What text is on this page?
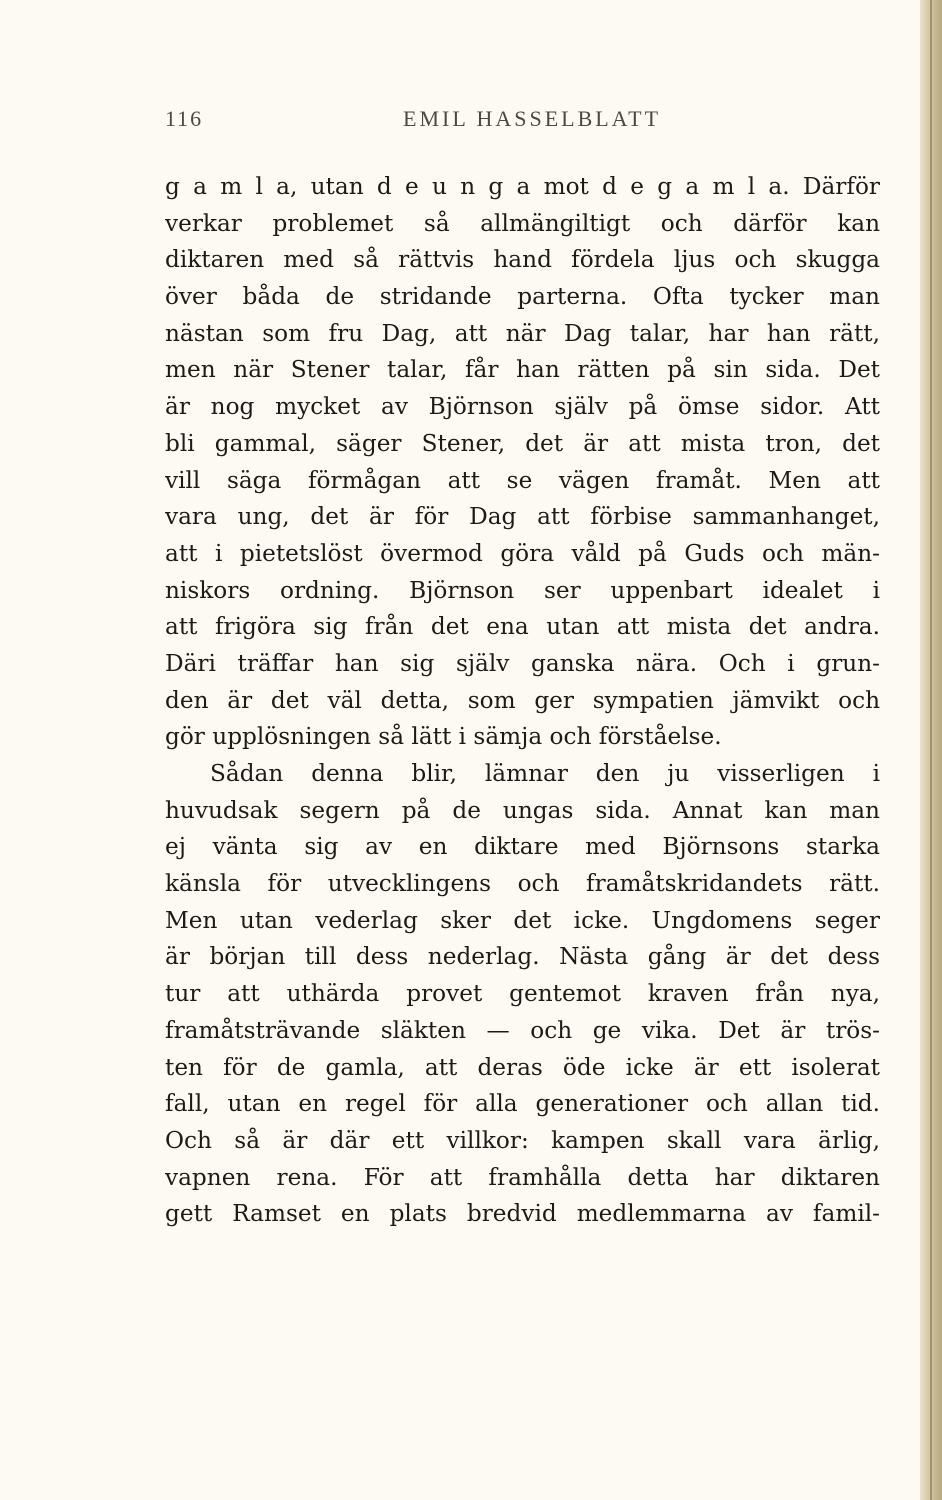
116	EMIL HASSELBLATT
g a m l a, utan d e u n g a mot d e g a m l a. Därför
verkar problemet så allmängiltigt och därför kan
diktaren med så rättvis hand fördela ljus och skugga
över båda de stridande parterna. Ofta tycker man
nästan som fru Dag, att när Dag talar, har han rätt,
men när Stener talar, får han rätten på sin sida. Det
är nog mycket av Björnson själv på ömse sidor. Att
bli gammal, säger Stener, det är att mista tron, det
vill säga förmågan att se vägen framåt. Men att
vara ung, det är för Dag att förbise sammanhanget,
att i pietetslöst övermod göra våld på Guds och män-
niskors ordning. Björnson ser uppenbart idealet i
att frigöra sig från det ena utan att mista det andra.
Däri träffar han sig själv ganska nära. Och i grun-
den är det väl detta, som ger sympatien jämvikt och
gör upplösningen så lätt i sämja och förståelse.
Sådan denna blir, lämnar den ju visserligen i
huvudsak segern på de ungas sida. Annat kan man
ej vänta sig av en diktare med Björnsons starka
känsla för utvecklingens och framåtskridandets rätt.
Men utan vederlag sker det icke. Ungdomens seger
är början till dess nederlag. Nästa gång är det dess
tur att uthärda provet gentemot kraven från nya,
framåtsträvande släkten — och ge vika. Det är trös-
ten för de gamla, att deras öde icke är ett isolerat
fall, utan en regel för alla generationer och allan tid.
Och så är där ett villkor: kampen skall vara ärlig,
vapnen rena. För att framhålla detta har diktaren
gett Ramset en plats bredvid medlemmarna av famil-
